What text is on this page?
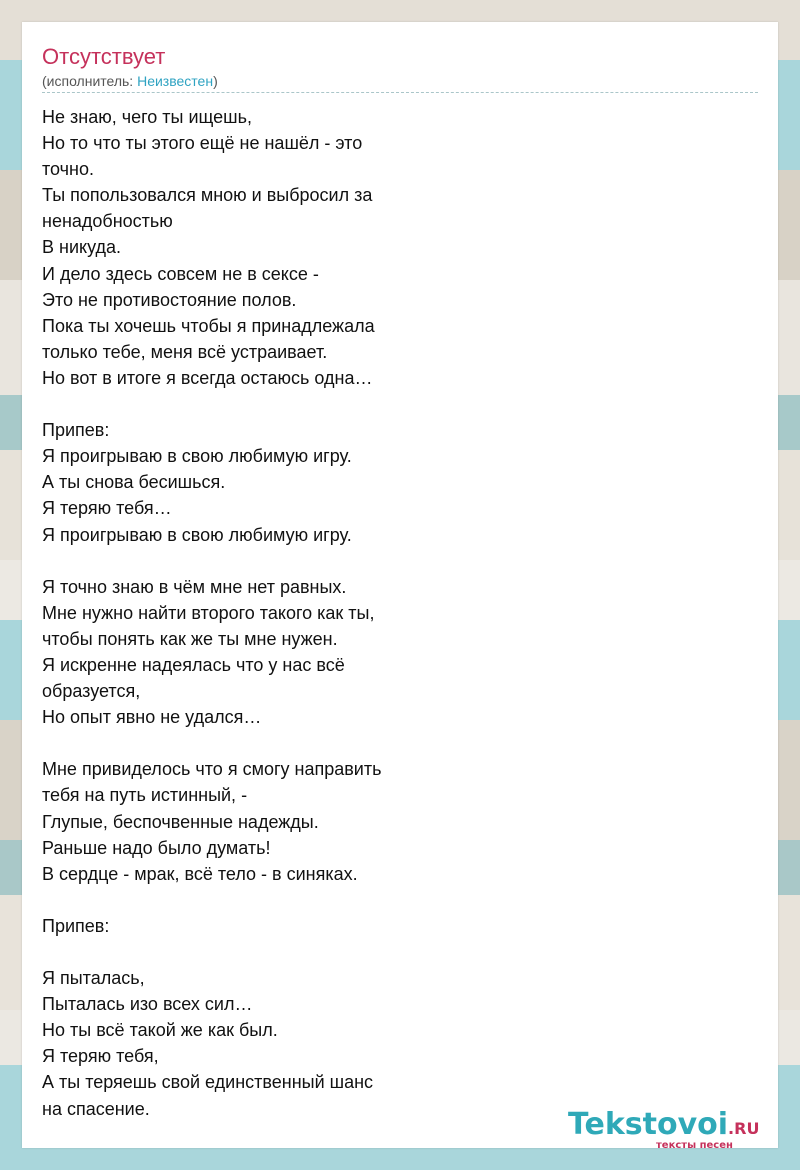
Отсутствует
(исполнитель: Неизвестен)
Не знаю, чего ты ищешь,
Но то что ты этого ещё не нашёл - это
точно.
Ты попользовался мною и выбросил за
ненадобностью
В никуда.
И дело здесь совсем не в сексе -
Это не противостояние полов.
Пока ты хочешь чтобы я принадлежала
только тебе, меня всё устраивает.
Но вот в итоге я всегда остаюсь одна…
Припев:
Я проигрываю в свою любимую игру.
А ты снова бесишься.
Я теряю тебя…
Я проигрываю в свою любимую игру.
Я точно знаю в чём мне нет равных.
Мне нужно найти второго такого как ты,
чтобы понять как же ты мне нужен.
Я искренне надеялась что у нас всё
образуется,
Но опыт явно не удался…
Мне привиделось что я смогу направить
тебя на путь истинный, -
Глупые, беспочвенные надежды.
Раньше надо было думать!
В сердце - мрак, всё тело - в синяках.
Припев:
Я пыталась,
Пыталась изо всех сил…
Но ты всё такой же как был.
Я теряю тебя,
А ты теряешь свой единственный шанс
на спасение.	Tekstovoi.RU
тексты песен
